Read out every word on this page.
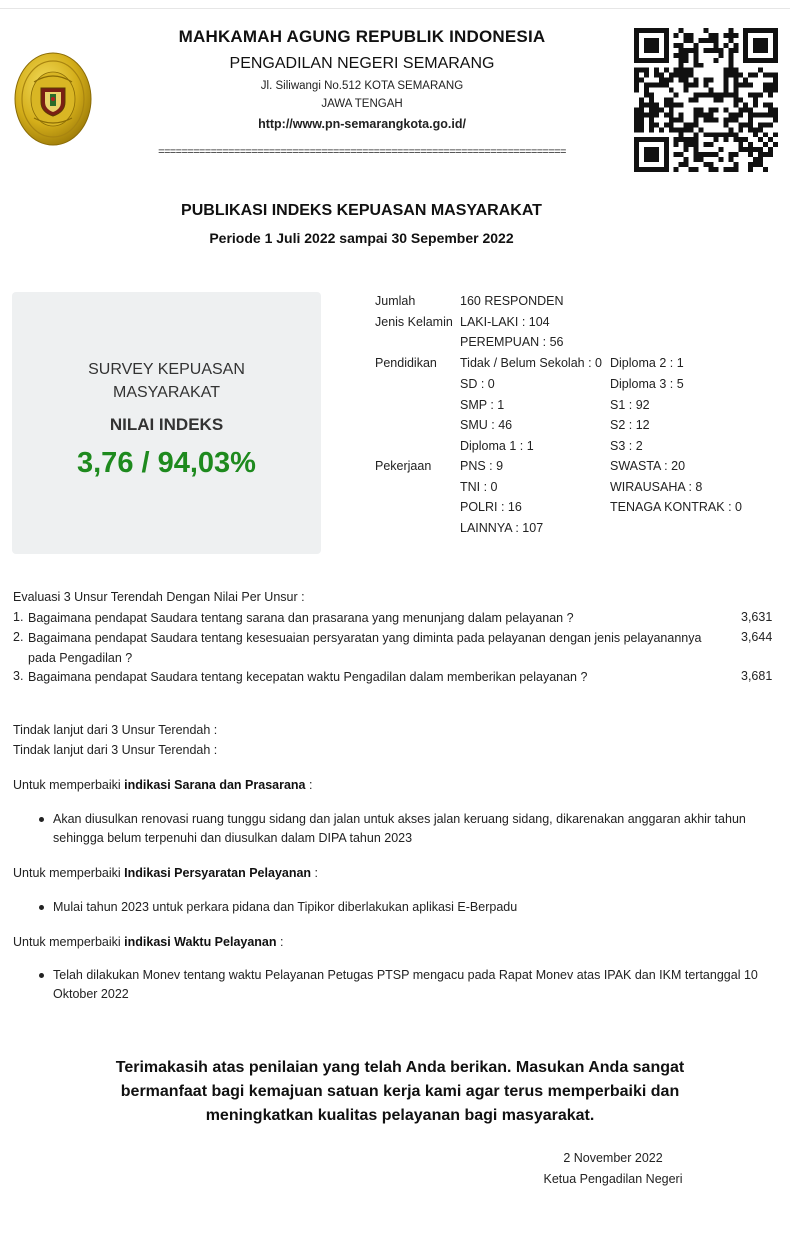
MAHKAMAH AGUNG REPUBLIK INDONESIA
PENGADILAN NEGERI SEMARANG
Jl. Siliwangi No.512 KOTA SEMARANG
JAWA TENGAH
http://www.pn-semarangkota.go.id/
======================================================================
PUBLIKASI INDEKS KEPUASAN MASYARAKAT
Periode 1 Juli 2022 sampai 30 Sepember 2022
SURVEY KEPUASAN
MASYARAKAT
NILAI INDEKS
3,76 / 94,03%
Jumlah	160 RESPONDEN
Jenis Kelamin LAKI-LAKI : 104
PEREMPUAN : 56
Pendidikan Tidak / Belum Sekolah : 0 Diploma 2 : 1
SD : 0	Diploma 3 : 5
SMP : 1	S1 : 92
SMU : 46	S2 : 12
Diploma 1 : 1	S3 : 2
Pekerjaan PNS : 9	SWASTA : 20
TNI : 0	WIRAUSAHA : 8
POLRI : 16	TENAGA KONTRAK : 0
LAINNYA : 107
Evaluasi 3 Unsur Terendah Dengan Nilai Per Unsur :
1. Bagaimana pendapat Saudara tentang sarana dan prasarana yang menunjang dalam pelayanan ?	3,631
2. Bagaimana pendapat Saudara tentang kesesuaian persyaratan yang diminta pada pelayanan dengan jenis pelayanannya pada Pengadilan ?
3,644
3. Bagaimana pendapat Saudara tentang kecepatan waktu Pengadilan dalam memberikan pelayanan ?	3,681
Tindak lanjut dari 3 Unsur Terendah :
Tindak lanjut dari 3 Unsur Terendah :
Untuk memperbaiki indikasi Sarana dan Prasarana :
Akan diusulkan renovasi ruang tunggu sidang dan jalan untuk akses jalan keruang sidang, dikarenakan anggaran akhir tahun sehingga belum terpenuhi dan diusulkan dalam DIPA tahun 2023
Untuk memperbaiki Indikasi Persyaratan Pelayanan :
Mulai tahun 2023 untuk perkara pidana dan Tipikor diberlakukan aplikasi E-Berpadu
Untuk memperbaiki indikasi Waktu Pelayanan :
Telah dilakukan Monev tentang waktu Pelayanan Petugas PTSP mengacu pada Rapat Monev atas IPAK dan IKM tertanggal 10 Oktober 2022
Terimakasih atas penilaian yang telah Anda berikan. Masukan Anda sangat bermanfaat bagi kemajuan satuan kerja kami agar terus memperbaiki dan meningkatkan kualitas pelayanan bagi masyarakat.
2 November 2022
Ketua Pengadilan Negeri
